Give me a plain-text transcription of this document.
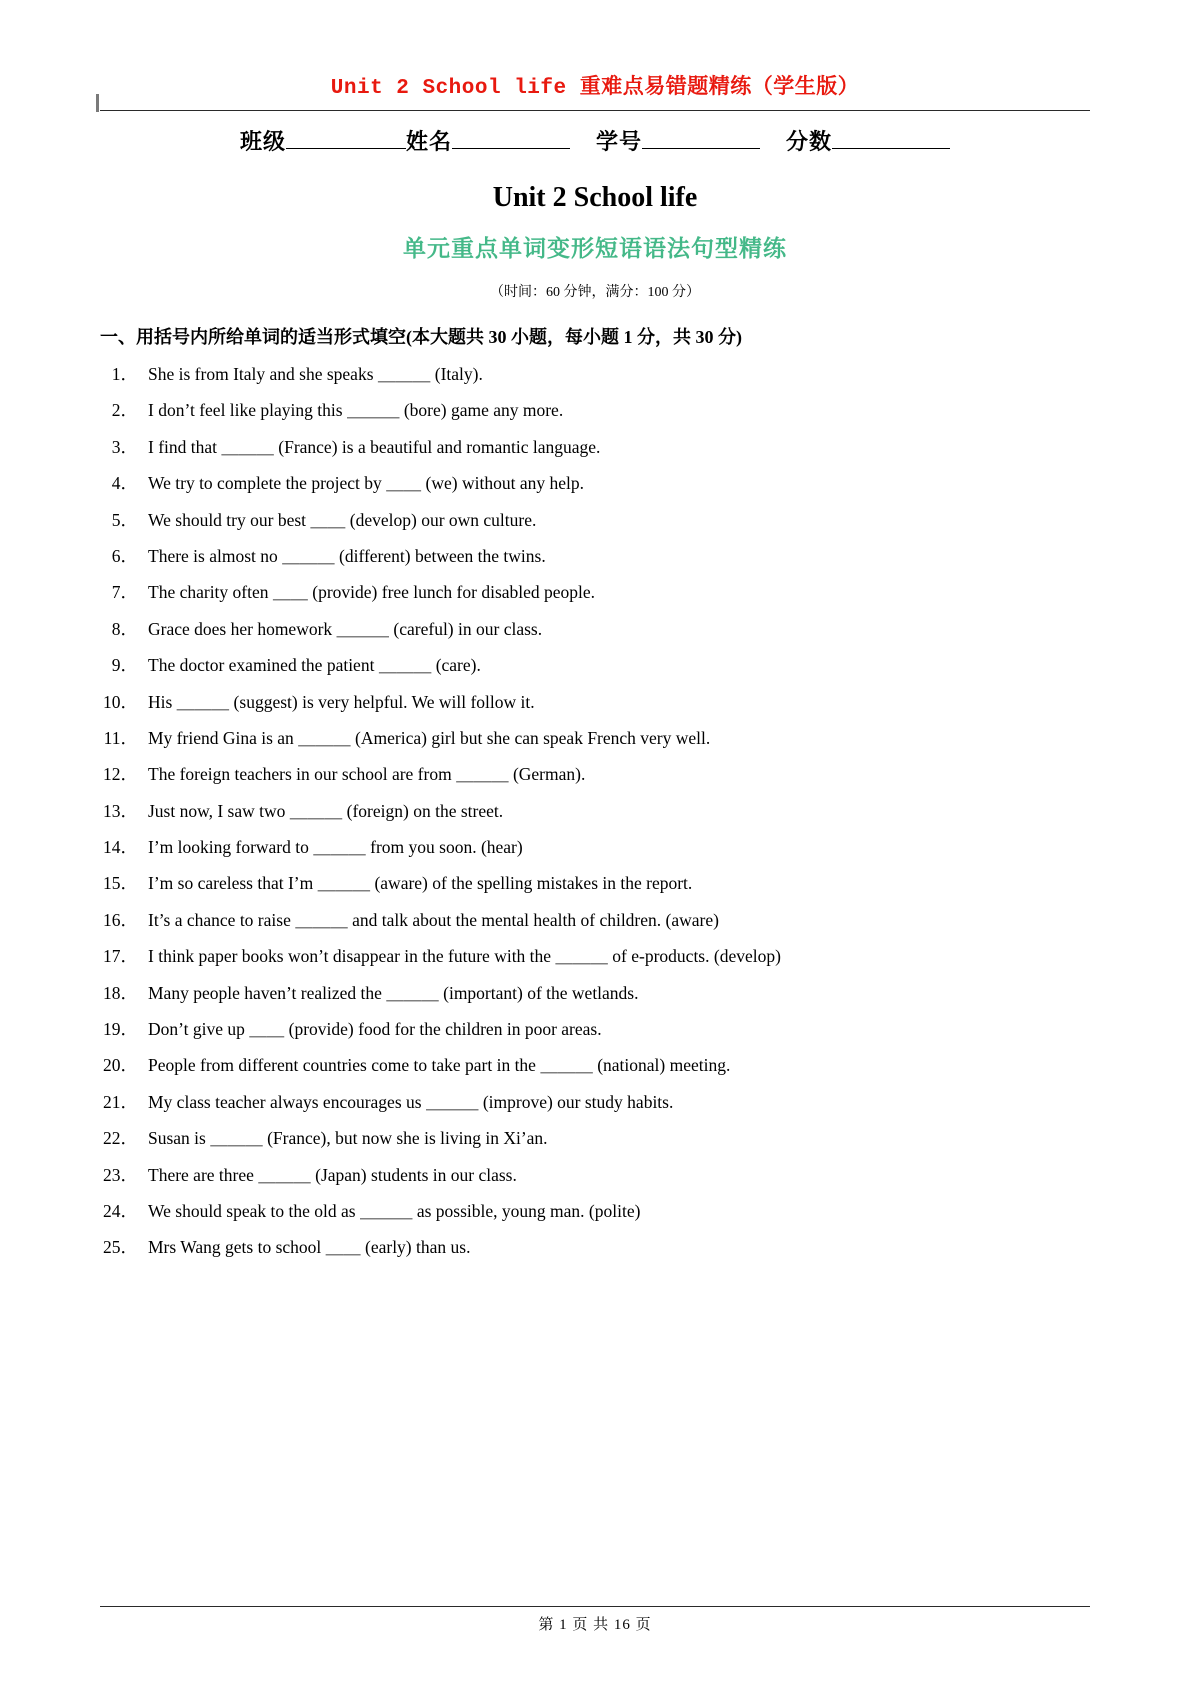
Unit 2 School life 重难点易错题精练（学生版）
班级	姓名	学号	分数
Unit 2 School life
单元重点单词变形短语语法句型精练
（时间：60 分钟，满分：100 分）
一、用括号内所给单词的适当形式填空(本大题共 30 小题，每小题 1 分，共 30 分)
1． She is from Italy and she speaks ＿＿＿ (Italy).
2． I don’t feel like playing this ＿＿＿ (bore) game any more.
3． I find that ＿＿＿ (France) is a beautiful and romantic language.
4． We try to complete the project by ＿＿ (we) without any help.
5． We should try our best ＿＿ (develop) our own culture.
6． There is almost no ＿＿＿ (different) between the twins.
7． The charity often ＿＿ (provide) free lunch for disabled people.
8． Grace does her homework ＿＿＿ (careful) in our class.
9． The doctor examined the patient ＿＿＿ (care).
10． His ＿＿＿ (suggest) is very helpful. We will follow it.
11． My friend Gina is an ＿＿＿ (America) girl but she can speak French very well.
12． The foreign teachers in our school are from ＿＿＿ (German).
13． Just now, I saw two ＿＿＿ (foreign) on the street.
14． I’m looking forward to ＿＿＿ from you soon. (hear)
15． I’m so careless that I’m ＿＿＿ (aware) of the spelling mistakes in the report.
16． It’s a chance to raise ＿＿＿ and talk about the mental health of children. (aware)
17． I think paper books won’t disappear in the future with the ＿＿＿ of e-products. (develop)
18． Many people haven’t realized the ＿＿＿ (important) of the wetlands.
19． Don’t give up ＿＿ (provide) food for the children in poor areas.
20． People from different countries come to take part in the ＿＿＿ (national) meeting.
21． My class teacher always encourages us ＿＿＿ (improve) our study habits.
22． Susan is ＿＿＿ (France), but now she is living in Xi’an.
23． There are three ＿＿＿ (Japan) students in our class.
24． We should speak to the old as ＿＿＿ as possible, young man. (polite)
25． Mrs Wang gets to school ＿＿ (early) than us.
第 1 页 共 16 页
